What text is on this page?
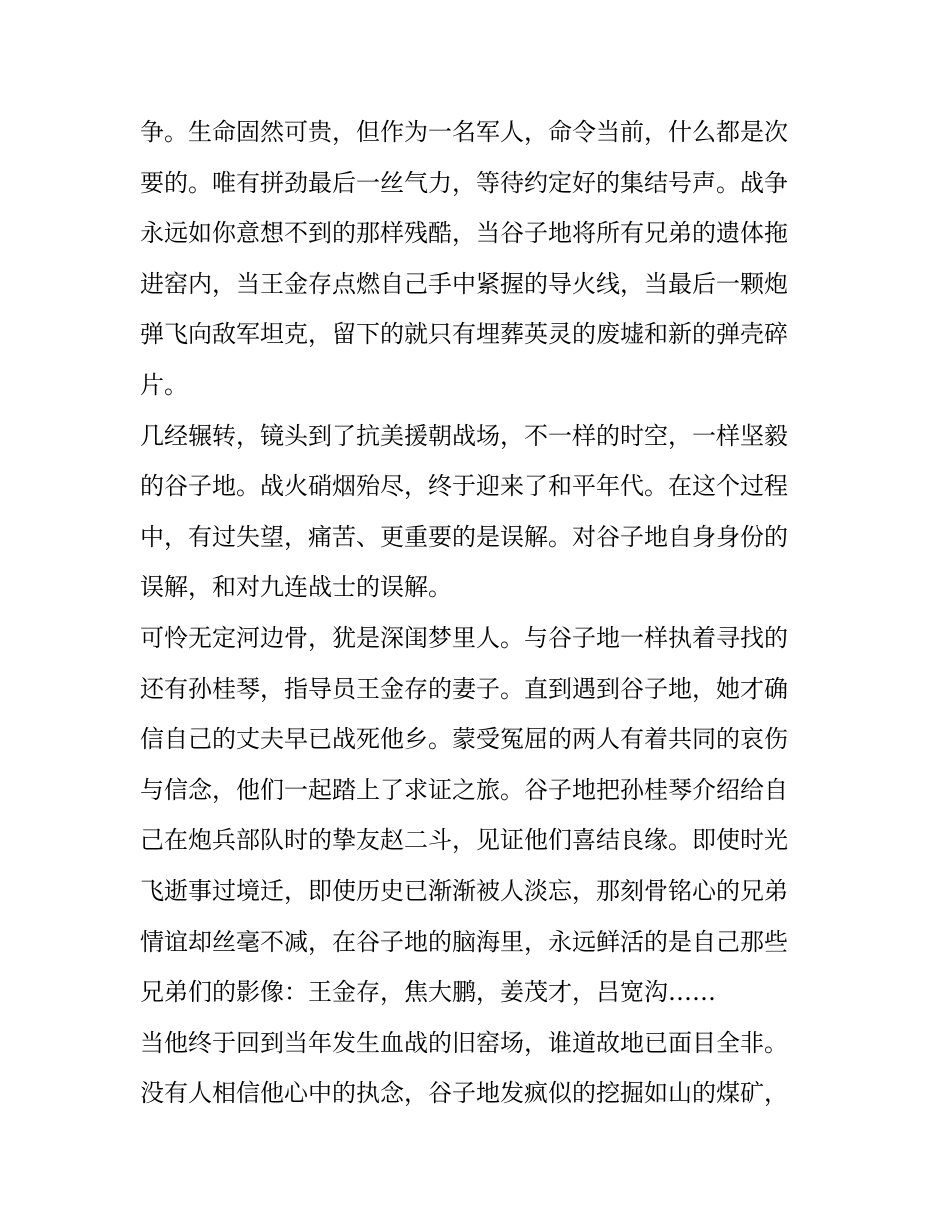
争。生命固然可贵，但作为一名军人，命令当前，什么都是次
要的。唯有拼劲最后一丝气力，等待约定好的集结号声。战争
永远如你意想不到的那样残酷，当谷子地将所有兄弟的遗体拖
进窑内，当王金存点燃自己手中紧握的导火线，当最后一颗炮
弹飞向敌军坦克，留下的就只有埋葬英灵的废墟和新的弹壳碎
片。
几经辗转，镜头到了抗美援朝战场，不一样的时空，一样坚毅
的谷子地。战火硝烟殆尽，终于迎来了和平年代。在这个过程
中，有过失望，痛苦、更重要的是误解。对谷子地自身身份的
误解，和对九连战士的误解。
可怜无定河边骨，犹是深闺梦里人。与谷子地一样执着寻找的
还有孙桂琴，指导员王金存的妻子。直到遇到谷子地，她才确
信自己的丈夫早已战死他乡。蒙受冤屈的两人有着共同的哀伤
与信念，他们一起踏上了求证之旅。谷子地把孙桂琴介绍给自
己在炮兵部队时的挚友赵二斗，见证他们喜结良缘。即使时光
飞逝事过境迁，即使历史已渐渐被人淡忘，那刻骨铭心的兄弟
情谊却丝毫不减，在谷子地的脑海里，永远鲜活的是自己那些
兄弟们的影像：王金存，焦大鹏，姜茂才，吕宽沟……
当他终于回到当年发生血战的旧窑场，谁道故地已面目全非。
没有人相信他心中的执念，谷子地发疯似的挖掘如山的煤矿，
